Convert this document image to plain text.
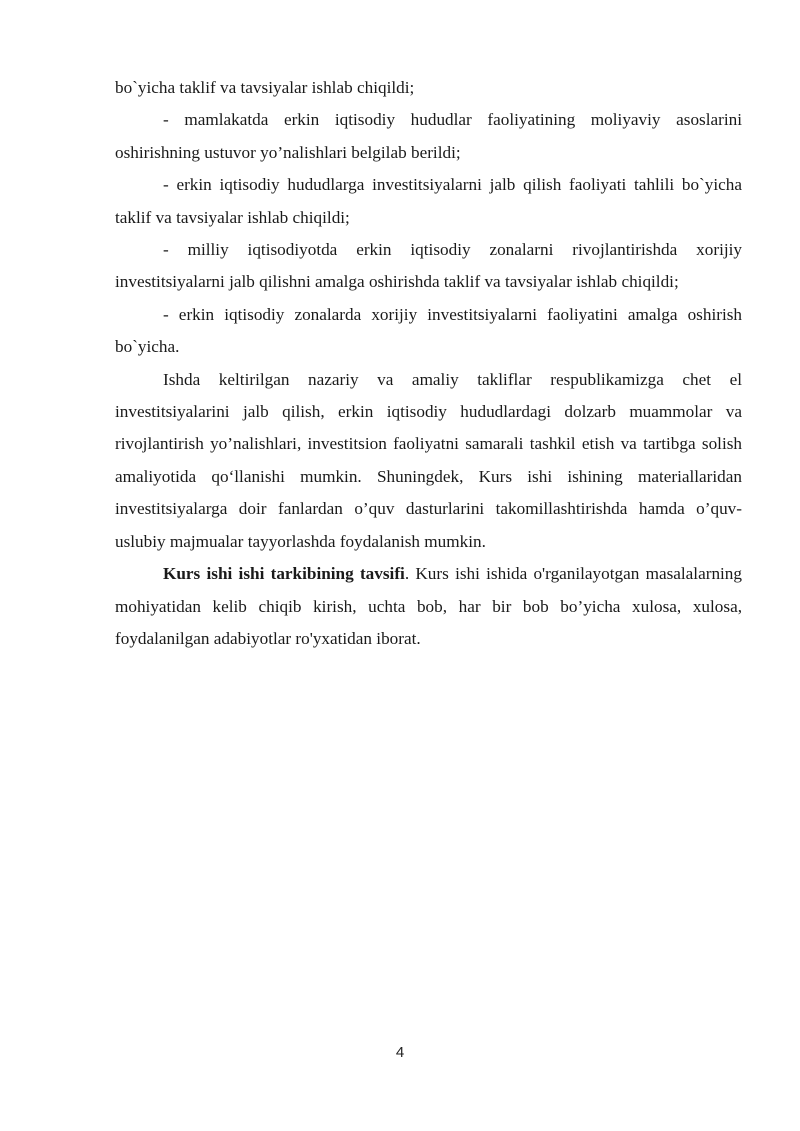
bo`yicha taklif va tavsiyalar ishlab chiqildi;

- mamlakatda erkin iqtisodiy hududlar faoliyatining moliyaviy asoslarini oshirishning ustuvor yo’nalishlari belgilab berildi;

- erkin iqtisodiy hududlarga investitsiyalarni jalb qilish faoliyati tahlili bo`yicha taklif va tavsiyalar ishlab chiqildi;

- milliy iqtisodiyotda erkin iqtisodiy zonalarni rivojlantirishda xorijiy investitsiyalarni jalb qilishni amalga oshirishda taklif va tavsiyalar ishlab chiqildi;

- erkin iqtisodiy zonalarda xorijiy investitsiyalarni faoliyatini amalga oshirish bo`yicha.

Ishda keltirilgan nazariy va amaliy takliflar respublikamizga chet el investitsiyalarini jalb qilish, erkin iqtisodiy hududlardagi dolzarb muammolar va rivojlantirish yo’nalishlari, investitsion faoliyatni samarali tashkil etish va tartibga solish amaliyotida qo‘llanishi mumkin. Shuningdek, Kurs ishi ishining materiallaridan investitsiyalarga doir fanlardan o’quv dasturlarini takomillashtirishda hamda o’quv-uslubiy majmualar tayyorlashda foydalanish mumkin.

Kurs ishi ishi tarkibining tavsifi. Kurs ishi ishida o'rganilayotgan masalalarning mohiyatidan kelib chiqib kirish, uchta bob, har bir bob bo’yicha xulosa, xulosa, foydalanilgan adabiyotlar ro'yxatidan iborat.

4
